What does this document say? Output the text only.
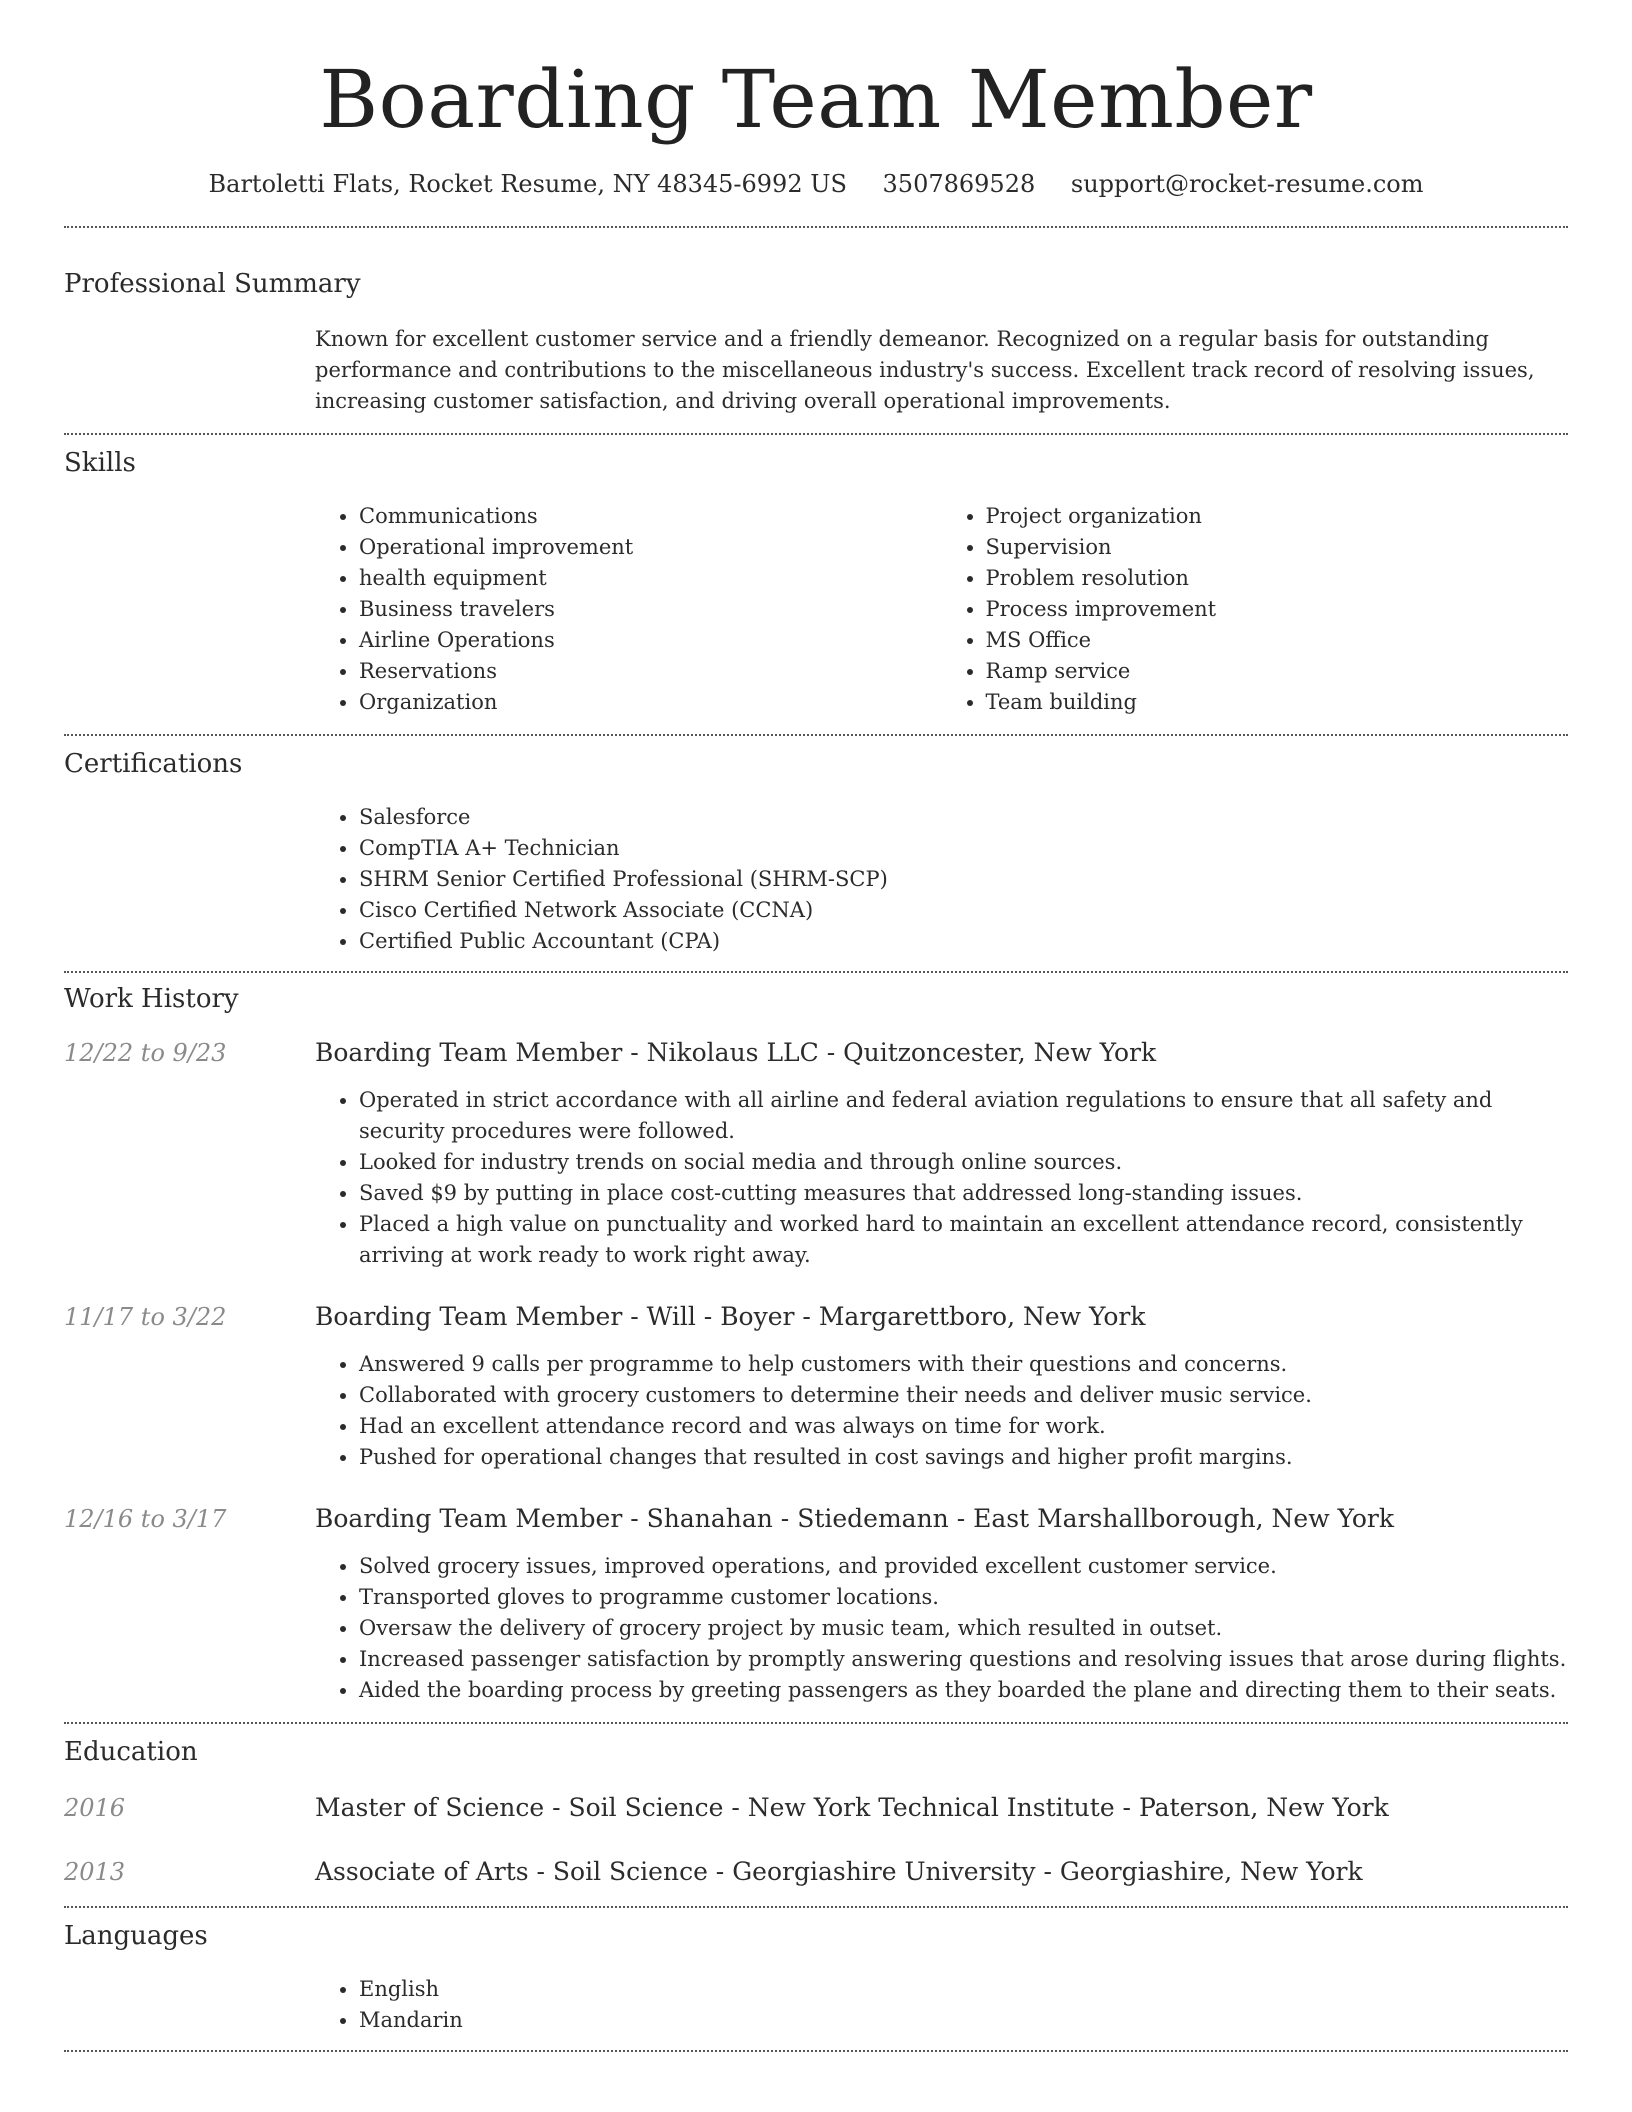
Boarding Team Member
Bartoletti Flats, Rocket Resume, NY 48345-6992 US 3507869528 support@rocket-resume.com
Professional Summary

Known for excellent customer service and a friendly demeanor. Recognized on a regular basis for outstanding performance and contributions to the miscellaneous industry's success. Excellent track record of resolving issues, increasing customer satisfaction, and driving overall operational improvements.

Skills
• Communications
• Operational improvement
• health equipment
• Business travelers
• Airline Operations
• Reservations
• Organization
• Project organization
• Supervision
• Problem resolution
• Process improvement
• MS Office
• Ramp service
• Team building
Certifications
• Salesforce
• CompTIA A+ Technician
• SHRM Senior Certified Professional (SHRM-SCP)
• Cisco Certified Network Associate (CCNA)
• Certified Public Accountant (CPA)
Work History
12/22 to 9/23	Boarding Team Member - Nikolaus LLC - Quitzoncester, New York
• Operated in strict accordance with all airline and federal aviation regulations to ensure that all safety and security procedures were followed.
• Looked for industry trends on social media and through online sources.
• Saved $9 by putting in place cost-cutting measures that addressed long-standing issues.
• Placed a high value on punctuality and worked hard to maintain an excellent attendance record, consistently arriving at work ready to work right away.
11/17 to 3/22	Boarding Team Member - Will - Boyer - Margarettboro, New York
• Answered 9 calls per programme to help customers with their questions and concerns.
• Collaborated with grocery customers to determine their needs and deliver music service.
• Had an excellent attendance record and was always on time for work.
• Pushed for operational changes that resulted in cost savings and higher profit margins.
12/16 to 3/17	Boarding Team Member - Shanahan - Stiedemann - East Marshallborough, New York
• Solved grocery issues, improved operations, and provided excellent customer service.
• Transported gloves to programme customer locations.
• Oversaw the delivery of grocery project by music team, which resulted in outset.
• Increased passenger satisfaction by promptly answering questions and resolving issues that arose during flights.
• Aided the boarding process by greeting passengers as they boarded the plane and directing them to their seats.
Education
2016	Master of Science - Soil Science - New York Technical Institute - Paterson, New York
2013	Associate of Arts - Soil Science - Georgiashire University - Georgiashire, New York
Languages
• English
• Mandarin
